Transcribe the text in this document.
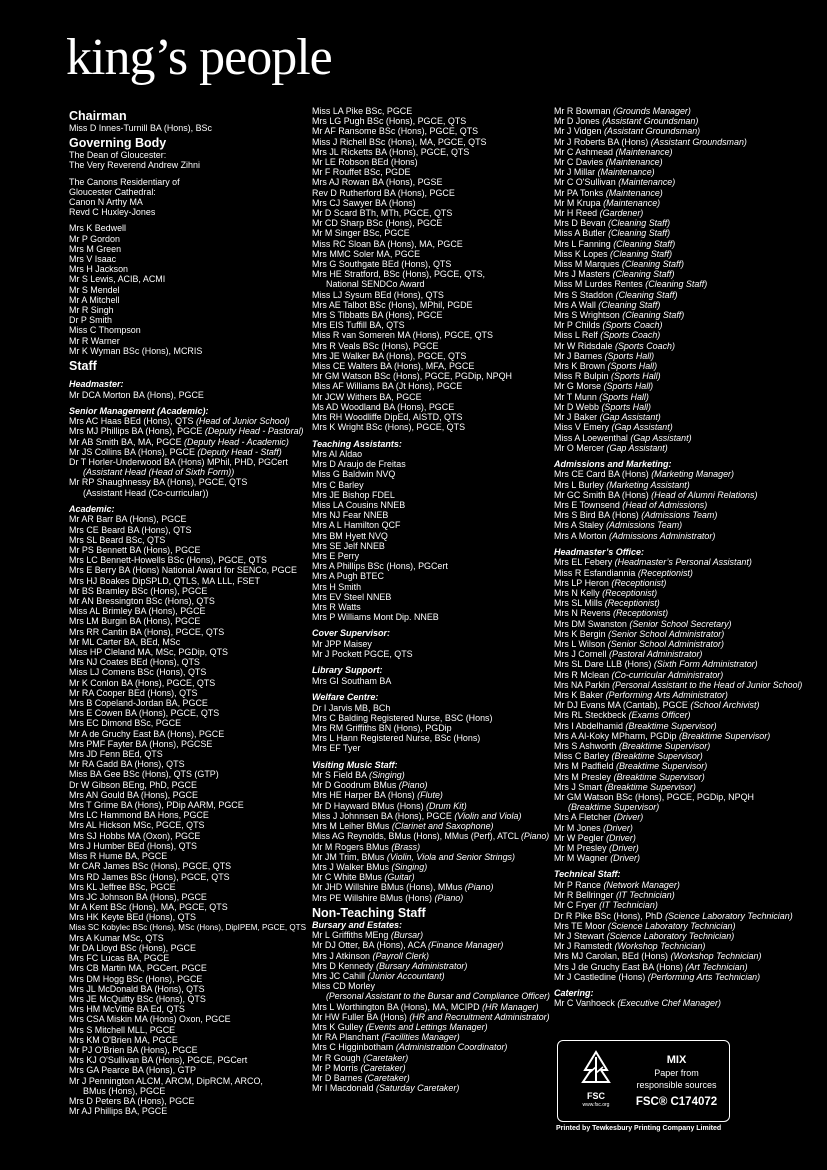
king’s people
Chairman
Miss D Innes-Turnill BA (Hons), BSc
Governing Body
The Dean of Gloucester:
The Very Reverend Andrew Zihni
The Canons Residentiary of
Gloucester Cathedral:
Canon N Arthy MA
Revd C Huxley-Jones
Mrs K Bedwell
Mr P Gordon
Mrs M Green
Mrs V Isaac
Mrs H Jackson
Mr S Lewis, ACIB, ACMI
Mr S Mendel
Mr A Mitchell
Mr R Singh
Dr P Smith
Miss C Thompson
Mr R Warner
Mr K Wyman BSc (Hons), MCRIS
Staff
Headmaster:
Mr DCA Morton BA (Hons), PGCE
Senior Management (Academic):
Mrs AC Haas BEd (Hons), QTS (Head of Junior School)
Mrs MJ Phillips BA (Hons), PGCE (Deputy Head - Pastoral)
Mr AB Smith BA, MA, PGCE (Deputy Head - Academic)
Mr JS Collins BA (Hons), PGCE (Deputy Head - Staff)
Dr T Horler-Underwood BA (Hons) MPhil, PHD, PGCert
(Assistant Head (Head of Sixth Form))
Mr RP Shaughnessy BA (Hons), PGCE, QTS
(Assistant Head (Co-curricular))
Academic:
Mr AR Barr BA (Hons), PGCE
Mrs CE Beard BA (Hons), QTS
Mrs SL Beard BSc, QTS
Mr PS Bennett BA (Hons), PGCE
Mrs LC Bennett-Howells BSc (Hons), PGCE, QTS
Mrs E Berry BA (Hons) National Award for SENCo, PGCE
Mrs HJ Boakes DipSPLD, QTLS, MA LLL, FSET
Mr BS Bramley BSc (Hons), PGCE
Mr AN Bressington BSc (Hons), QTS
Miss AL Brimley BA (Hons), PGCE
Mrs LM Burgin BA (Hons), PGCE
Mrs RR Cantin BA (Hons), PGCE, QTS
Mr ML Carter BA, BEd, MSc
Miss HP Cleland MA, MSc, PGDip, QTS
Mrs NJ Coates BEd (Hons), QTS
Miss LJ Comens BSc (Hons), QTS
Mr K Conlon BA (Hons), PGCE, QTS
Mr RA Cooper BEd (Hons), QTS
Mrs B Copeland-Jordan BA, PGCE
Mrs E Cowen BA (Hons), PGCE, QTS
Mrs EC Dimond BSc, PGCE
Mr A de Gruchy East BA (Hons), PGCE
Mrs PMF Fayter BA (Hons), PGCSE
Mrs JD Fenn BEd, QTS
Mr RA Gadd BA (Hons), QTS
Miss BA Gee BSc (Hons), QTS (GTP)
Dr W Gibson BEng, PhD, PGCE
Mrs AN Gould BA (Hons), PGCE
Mrs T Grime BA (Hons), PDip AARM, PGCE
Mrs LC Hammond BA Hons, PGCE
Mrs AL Hickson MSc, PGCE, QTS
Mrs SJ Hobbs MA (Oxon), PGCE
Mrs J Humber BEd (Hons), QTS
Miss R Hume BA, PGCE
Mr CAR James BSc (Hons), PGCE, QTS
Mrs RD James BSc (Hons), PGCE, QTS
Mrs KL Jeffree BSc, PGCE
Mrs JC Johnson BA (Hons), PGCE
Mr A Kent BSc (Hons), MA, PGCE, QTS
Mrs HK Keyte BEd (Hons), QTS
Miss SC Kobylec BSc (Hons), MSc (Hons), DipIPEM, PGCE, QTS
Mrs A Kumar MSc, QTS
Mr DA Lloyd BSc (Hons), PGCE
Mrs FC Lucas BA, PGCE
Mrs CB Martin MA, PGCert, PGCE
Mrs DM Hogg BSc (Hons), PGCE
Mrs JL McDonald BA (Hons), QTS
Mrs JE McQuitty BSc (Hons), QTS
Mrs HM McVittie BA Ed, QTS
Mrs CSA Miskin MA (Hons) Oxon, PGCE
Mrs S Mitchell MLL, PGCE
Mrs KM O'Brien MA, PGCE
Mr PJ O'Brien BA (Hons), PGCE
Mrs KJ O'Sullivan BA (Hons), PGCE, PGCert
Mrs GA Pearce BA (Hons), GTP
Mr J Pennington ALCM, ARCM, DipRCM, ARCO,
BMus (Hons), PGCE
Mrs D Peters BA (Hons), PGCE
Mr AJ Phillips BA, PGCE
Miss LA Pike BSc, PGCE
Mrs LG Pugh BSc (Hons), PGCE, QTS
Mr AF Ransome BSc (Hons), PGCE, QTS
Miss J Richell BSc (Hons), MA, PGCE, QTS
Mrs JL Ricketts BA (Hons), PGCE, QTS
Mr LE Robson BEd (Hons)
Mr F Rouffet BSc, PGDE
Mrs AJ Rowan BA (Hons), PGSE
Rev D Rutherford BA (Hons), PGCE
Mrs CJ Sawyer BA (Hons)
Mr D Scard BTh, MTh, PGCE, QTS
Mr CD Sharp BSc (Hons), PGCE
Mr M Singer BSc, PGCE
Miss RC Sloan BA (Hons), MA, PGCE
Mrs MMC Soler MA, PGCE
Mrs G Southgate BEd (Hons), QTS
Mrs HE Stratford, BSc (Hons), PGCE, QTS,
National SENDCo Award
Miss LJ Sysum BEd (Hons), QTS
Mrs AE Talbot BSc (Hons), MPhil, PGDE
Mrs S Tibbatts BA (Hons), PGCE
Mrs EIS Tuffill BA, QTS
Miss R van Someren MA (Hons), PGCE, QTS
Mrs R Veals BSc (Hons), PGCE
Mrs JE Walker BA (Hons), PGCE, QTS
Miss CE Walters BA (Hons), MFA, PGCE
Mr GM Watson BSc (Hons), PGCE, PGDip, NPQH
Miss AF Williams BA (Jt Hons), PGCE
Mr JCW Withers BA, PGCE
Ms AD Woodland BA (Hons), PGCE
Mrs RH Woodliffe DipEd, AISTD, QTS
Mrs K Wright BSc (Hons), PGCE, QTS
Teaching Assistants:
Mrs AI Aldao
Mrs D Araujo de Freitas
Miss G Baldwin NVQ
Mrs C Barley
Mrs JE Bishop FDEL
Miss LA Cousins NNEB
Mrs NJ Fear NNEB
Mrs A L Hamilton QCF
Mrs BM Hyett NVQ
Mrs SE Jelf NNEB
Mrs E Perry
Mrs A Phillips BSc (Hons), PGCert
Mrs A Pugh BTEC
Mrs H Smith
Mrs EV Steel NNEB
Mrs R Watts
Mrs P Williams Mont Dip. NNEB
Cover Supervisor:
Mr JPP Maisey
Mr J Pockett PGCE, QTS
Library Support:
Mrs GI Southam BA
Welfare Centre:
Dr I Jarvis MB, BCh
Mrs C Balding Registered Nurse, BSC (Hons)
Mrs RM Griffiths BN (Hons), PGDip
Mrs L Hann Registered Nurse, BSc (Hons)
Mrs EF Tyer
Visiting Music Staff:
Mr S Field BA (Singing)
Mr D Goodrum BMus (Piano)
Mrs HE Harper BA (Hons) (Flute)
Mr D Hayward BMus (Hons) (Drum Kit)
Miss J Johnnsen BA (Hons), PGCE (Violin and Viola)
Mrs M Leiher BMus (Clarinet and Saxophone)
Miss AG Reynolds, BMus (Hons), MMus (Perf), ATCL (Piano)
Mr M Rogers BMus (Brass)
Mr JM Trim, BMus (Violin, Viola and Senior Strings)
Mrs J Walker BMus (Singing)
Mr C White BMus (Guitar)
Mr JHD Willshire BMus (Hons), MMus (Piano)
Mrs PE Willshire BMus (Hons) (Piano)
Non-Teaching Staff
Bursary and Estates:
Mr L Griffiths MEng (Bursar)
Mr DJ Otter, BA (Hons), ACA (Finance Manager)
Mrs J Atkinson (Payroll Clerk)
Mrs D Kennedy (Bursary Administrator)
Mrs JC Cahill (Junior Accountant)
Miss CD Morley
(Personal Assistant to the Bursar and Compliance Officer)
Mrs L Worthington BA (Hons), MA, MCIPD (HR Manager)
Mr HW Fuller BA (Hons) (HR and Recruitment Administrator)
Mrs K Gulley (Events and Lettings Manager)
Mr RA Planchant (Facilities Manager)
Mrs C Higginbotham (Administration Coordinator)
Mr R Gough (Caretaker)
Mr P Morris (Caretaker)
Mr D Barnes (Caretaker)
Mr I Macdonald (Saturday Caretaker)
Mr R Bowman (Grounds Manager)
Mr D Jones (Assistant Groundsman)
Mr J Vidgen (Assistant Groundsman)
Mr J Roberts BA (Hons) (Assistant Groundsman)
Mr C Ashmead (Maintenance)
Mr C Davies (Maintenance)
Mr J Millar (Maintenance)
Mr C O'Sullivan (Maintenance)
Mr PA Tonks (Maintenance)
Mr M Krupa (Maintenance)
Mr H Reed (Gardener)
Mrs D Bevan (Cleaning Staff)
Miss A Butler (Cleaning Staff)
Mrs L Fanning (Cleaning Staff)
Miss K Lopes (Cleaning Staff)
Miss M Marques (Cleaning Staff)
Mrs J Masters (Cleaning Staff)
Miss M Lurdes Rentes (Cleaning Staff)
Mrs S Staddon (Cleaning Staff)
Mrs A Wall (Cleaning Staff)
Mrs S Wrightson (Cleaning Staff)
Mr P Childs (Sports Coach)
Miss L Relf (Sports Coach)
Mr W Ridsdale (Sports Coach)
Mr J Barnes (Sports Hall)
Mrs K Brown (Sports Hall)
Miss R Bulpin (Sports Hall)
Mr G Morse (Sports Hall)
Mr T Munn (Sports Hall)
Mr D Webb (Sports Hall)
Mr J Baker (Gap Assistant)
Miss V Emery (Gap Assistant)
Miss A Loewenthal (Gap Assistant)
Mr O Mercer (Gap Assistant)
Admissions and Marketing:
Mrs CE Card BA (Hons) (Marketing Manager)
Mrs L Burley (Marketing Assistant)
Mr GC Smith BA (Hons) (Head of Alumni Relations)
Mrs E Townsend (Head of Admissions)
Mrs S Bird BA (Hons) (Admissions Team)
Mrs A Staley (Admissions Team)
Mrs A Morton (Admissions Administrator)
Headmaster’s Office:
Mrs EL Febery (Headmaster’s Personal Assistant)
Miss R Esfandiannia (Receptionist)
Mrs LP Heron (Receptionist)
Mrs N Kelly (Receptionist)
Mrs SL Mills (Receptionist)
Mrs N Revens (Receptionist)
Mrs DM Swanston (Senior School Secretary)
Mrs K Bergin (Senior School Administrator)
Mrs L Wilson (Senior School Administrator)
Mrs J Cornell (Pastoral Administrator)
Mrs SL Dare LLB (Hons) (Sixth Form Administrator)
Mrs R Mclean (Co-curricular Administrator)
Mrs NA Parkin (Personal Assistant to the Head of Junior School)
Mrs K Baker (Performing Arts Administrator)
Mr DJ Evans MA (Cantab), PGCE (School Archivist)
Mrs RL Steckbeck (Exams Officer)
Mrs I Abdelhamid (Breaktime Supervisor)
Mrs A Al-Koky MPharm, PGDip (Breaktime Supervisor)
Mrs S Ashworth (Breaktime Supervisor)
Miss C Barley (Breaktime Supervisor)
Mrs M Padfield (Breaktime Supervisor)
Mrs M Presley (Breaktime Supervisor)
Mrs J Smart (Breaktime Supervisor)
Mr GM Watson BSc (Hons), PGCE, PGDip, NPQH
(Breaktime Supervisor)
Mrs A Fletcher (Driver)
Mr M Jones (Driver)
Mr W Pegler (Driver)
Mr M Presley (Driver)
Mr M Wagner (Driver)
Technical Staff:
Mr P Rance (Network Manager)
Mr R Bellringer (IT Technician)
Mr C Fryer (IT Technician)
Dr R Pike BSc (Hons), PhD (Science Laboratory Technician)
Mrs TE Moor (Science Laboratory Technician)
Mr J Stewart (Science Laboratory Technician)
Mr J Ramstedt (Workshop Technician)
Mrs MJ Carolan, BEd (Hons) (Workshop Technician)
Mrs J de Gruchy East BA (Hons) (Art Technician)
Mr J Castledine (Hons) (Performing Arts Technician)
Catering:
Mr C Vanhoeck (Executive Chef Manager)
FSC
www.fsc.org
MIX
Paper from
responsible sources
FSC® C174072
Printed by Tewkesbury Printing Company Limited
